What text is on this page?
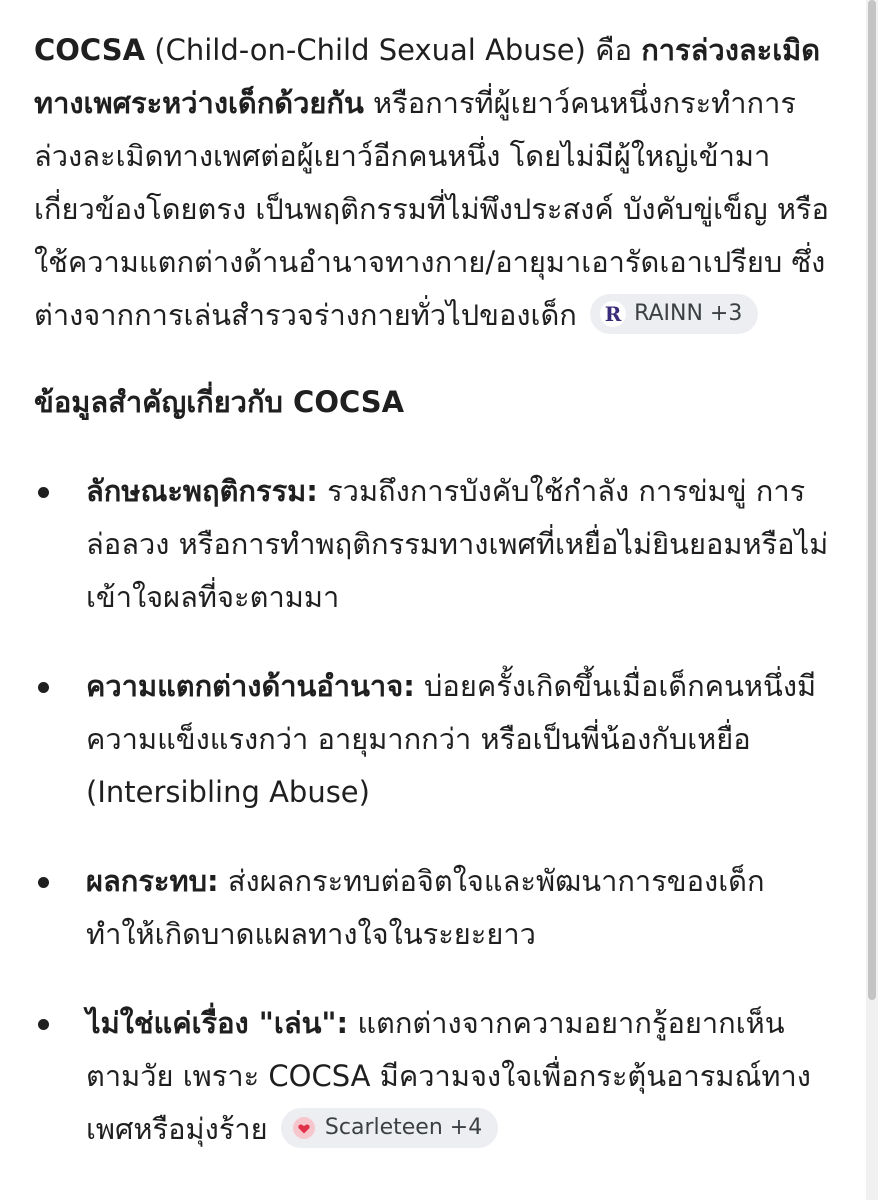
COCSA (Child-on-Child Sexual Abuse) คือ การล่วงละเมิดทางเพศระหว่างเด็กด้วยกัน หรือการที่ผู้เยาว์คนหนึ่งกระทำการล่วงละเมิดทางเพศต่อผู้เยาว์อีกคนหนึ่ง โดยไม่มีผู้ใหญ่เข้ามาเกี่ยวข้องโดยตรง เป็นพฤติกรรมที่ไม่พึงประสงค์ บังคับขู่เข็ญ หรือใช้ความแตกต่างด้านอำนาจทางกาย/อายุมาเอารัดเอาเปรียบ ซึ่งต่างจากการเล่นสำรวจร่างกายทั่วไปของเด็ก R RAINN +3

ข้อมูลสำคัญเกี่ยวกับ COCSA
ลักษณะพฤติกรรม: รวมถึงการบังคับใช้กำลัง การข่มขู่ การล่อลวง หรือการทำพฤติกรรมทางเพศที่เหยื่อไม่ยินยอมหรือไม่เข้าใจผลที่จะตามมา
ความแตกต่างด้านอำนาจ: บ่อยครั้งเกิดขึ้นเมื่อเด็กคนหนึ่งมีความแข็งแรงกว่า อายุมากกว่า หรือเป็นพี่น้องกับเหยื่อ (Intersibling Abuse)
ผลกระทบ: ส่งผลกระทบต่อจิตใจและพัฒนาการของเด็ก ทำให้เกิดบาดแผลทางใจในระยะยาว
ไม่ใช่แค่เรื่อง "เล่น": แตกต่างจากความอยากรู้อยากเห็นตามวัย เพราะ COCSA มีความจงใจเพื่อกระตุ้นอารมณ์ทางเพศหรือมุ่งร้าย Scarleteen +4
